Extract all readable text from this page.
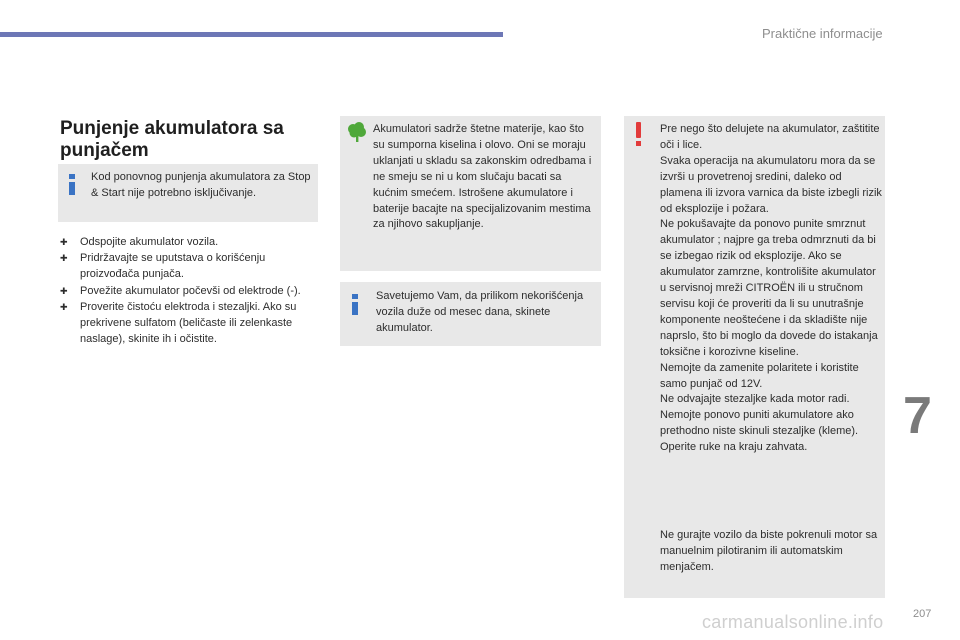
Praktične informacije
Punjenje akumulatora sa punjačem
Kod ponovnog punjenja akumulatora za Stop & Start nije potrebno isključivanje.
✚ Odspojite akumulator vozila.
✚ Pridržavajte se uputstava o korišćenju proizvođača punjača.
✚ Povežite akumulator počevši od elektrode (-).
✚ Proverite čistoću elektroda i stezaljki. Ako su prekrivene sulfatom (beličaste ili zelenkaste naslage), skinite ih i očistite.
Akumulatori sadrže štetne materije, kao što su sumporna kiselina i olovo. Oni se moraju uklanjati u skladu sa zakonskim odredbama i ne smeju se ni u kom slučaju bacati sa kućnim smećem. Istrošene akumulatore i baterije bacajte na specijalizovanim mestima za njihovo sakupljanje.
Savetujemo Vam, da prilikom nekorišćenja vozila duže od mesec dana, skinete akumulator.
Pre nego što delujete na akumulator, zaštitite oči i lice.
Svaka operacija na akumulatoru mora da se izvrši u provetrenoj sredini, daleko od plamena ili izvora varnica da biste izbegli rizik od eksplozije i požara.
Ne pokušavajte da ponovo punite smrznut akumulator ; najpre ga treba odmrznuti da bi se izbegao rizik od eksplozije. Ako se akumulator zamrzne, kontrolišite akumulator u servisnoj mreži CITROËN ili u stručnom servisu koji će proveriti da li su unutrašnje komponente neoštećene i da skladište nije naprslo, što bi moglo da dovede do istakanja toksične i korozivne kiseline.
Nemojte da zamenite polaritete i koristite samo punjač od 12V.
Ne odvajajte stezaljke kada motor radi.
Nemojte ponovo puniti akumulatore ako prethodno niste skinuli stezaljke (kleme).
Operite ruke na kraju zahvata.
Ne gurajte vozilo da biste pokrenuli motor sa manuelnim pilotiranim ili automatskim menjačem.
7
207
carmanualsonline.info
